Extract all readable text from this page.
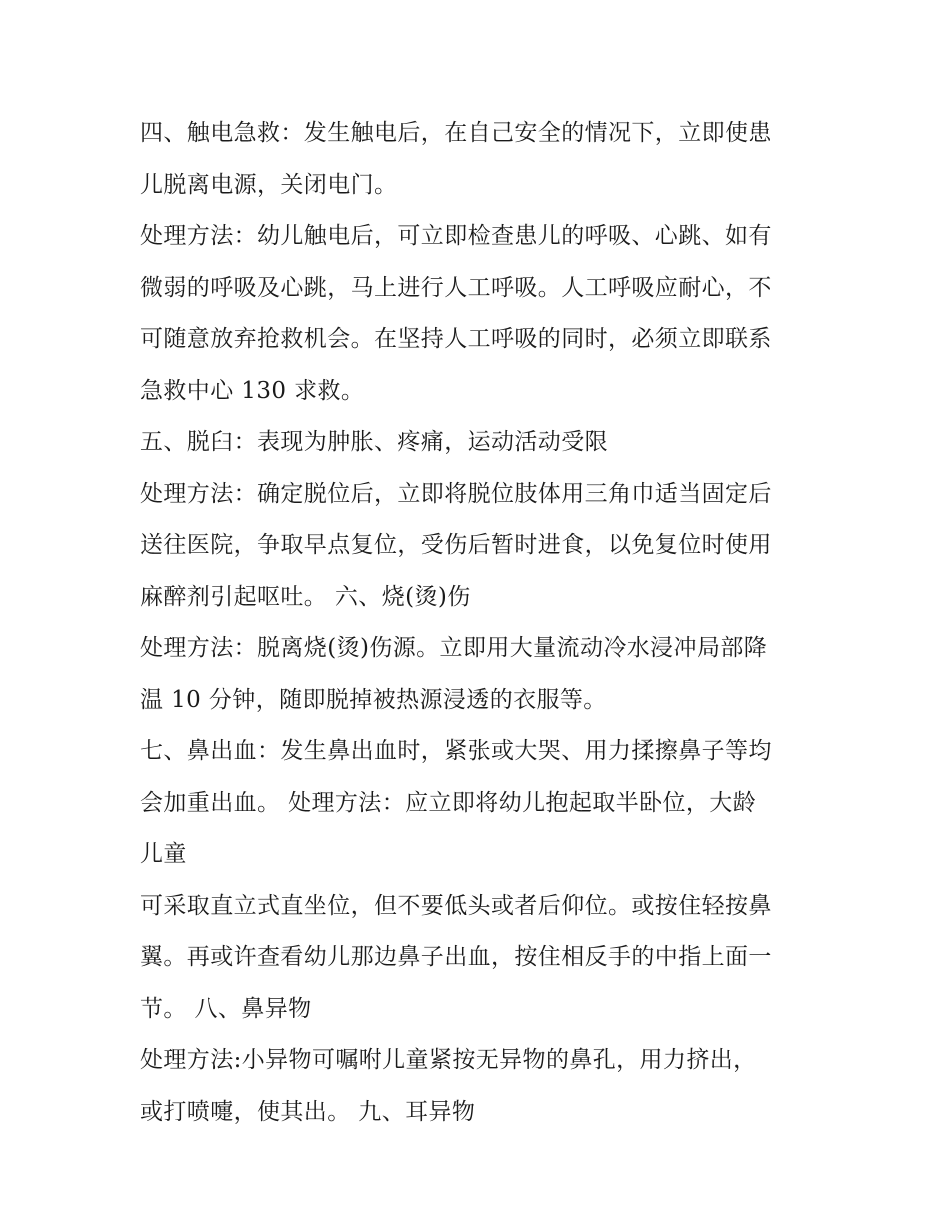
四、触电急救：发生触电后，在自己安全的情况下，立即使患
儿脱离电源，关闭电门。
处理方法：幼儿触电后，可立即检查患儿的呼吸、心跳、如有
微弱的呼吸及心跳，马上进行人工呼吸。人工呼吸应耐心，不
可随意放弃抢救机会。在坚持人工呼吸的同时，必须立即联系
急救中心 130 求救。
五、脱臼：表现为肿胀、疼痛，运动活动受限
处理方法：确定脱位后，立即将脱位肢体用三角巾适当固定后
送往医院，争取早点复位，受伤后暂时进食，以免复位时使用
麻醉剂引起呕吐。 六、烧(烫)伤
处理方法：脱离烧(烫)伤源。立即用大量流动冷水浸冲局部降
温 10 分钟，随即脱掉被热源浸透的衣服等。
七、鼻出血：发生鼻出血时，紧张或大哭、用力揉擦鼻子等均
会加重出血。 处理方法：应立即将幼儿抱起取半卧位，大龄
儿童
可采取直立式直坐位，但不要低头或者后仰位。或按住轻按鼻
翼。再或许查看幼儿那边鼻子出血，按住相反手的中指上面一
节。 八、鼻异物
处理方法:小异物可嘱咐儿童紧按无异物的鼻孔，用力挤出，
或打喷嚏，使其出。 九、耳异物
